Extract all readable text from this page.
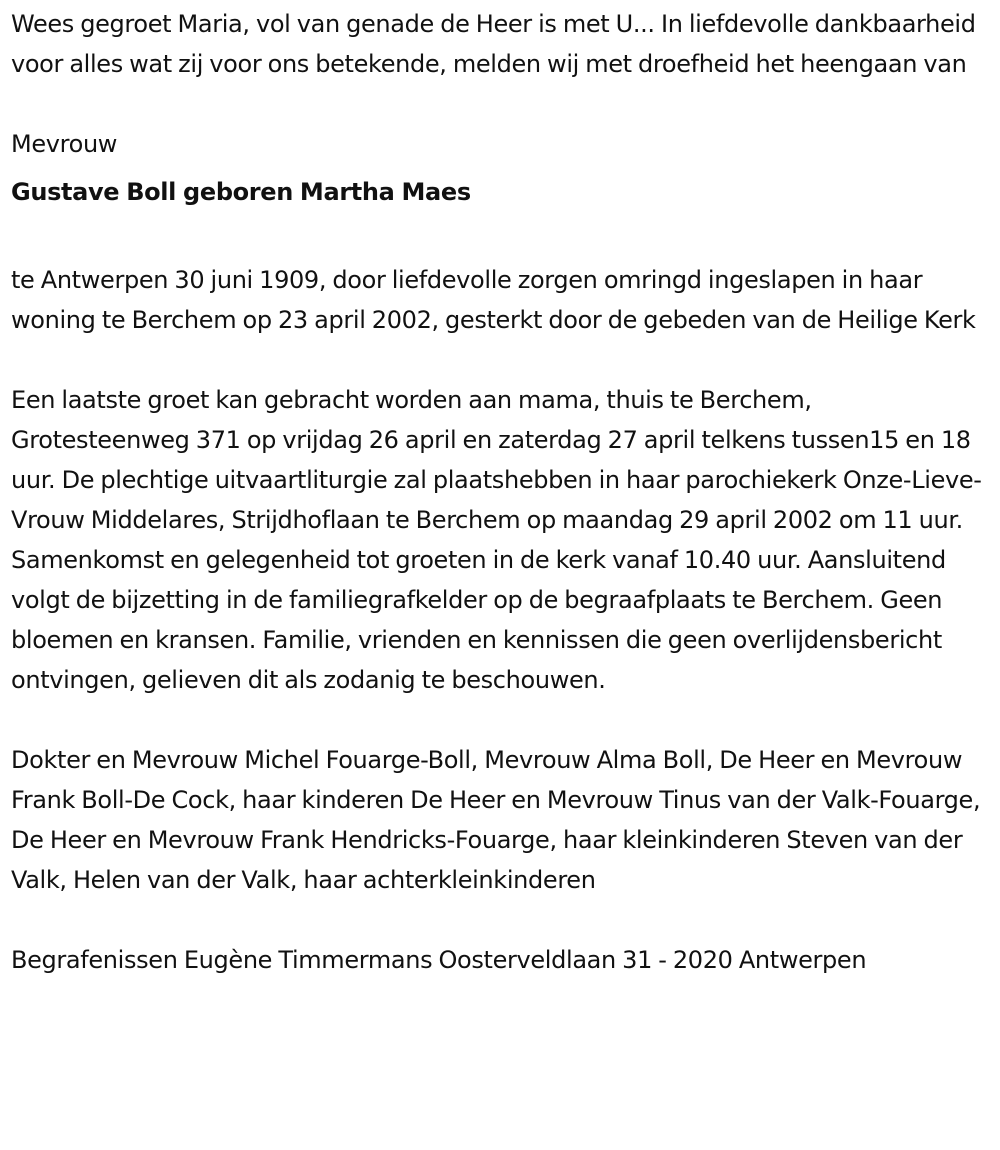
Wees gegroet Maria, vol van genade de Heer is met U... In liefdevolle dankbaarheid voor alles wat zij voor ons betekende, melden wij met droefheid het heengaan van

Mevrouw

Gustave Boll geboren Martha Maes

te Antwerpen 30 juni 1909, door liefdevolle zorgen omringd ingeslapen in haar woning te Berchem op 23 april 2002, gesterkt door de gebeden van de Heilige Kerk

Een laatste groet kan gebracht worden aan mama, thuis te Berchem, Grotesteenweg 371 op vrijdag 26 april en zaterdag 27 april telkens tussen15 en 18 uur. De plechtige uitvaartliturgie zal plaatshebben in haar parochiekerk Onze-Lieve-Vrouw Middelares, Strijdhoflaan te Berchem op maandag 29 april 2002 om 11 uur. Samenkomst en gelegenheid tot groeten in de kerk vanaf 10.40 uur. Aansluitend volgt de bijzetting in de familiegrafkelder op de begraafplaats te Berchem. Geen bloemen en kransen. Familie, vrienden en kennissen die geen overlijdensbericht ontvingen, gelieven dit als zodanig te beschouwen.

Dokter en Mevrouw Michel Fouarge-Boll, Mevrouw Alma Boll, De Heer en Mevrouw Frank Boll-De Cock, haar kinderen De Heer en Mevrouw Tinus van der Valk-Fouarge, De Heer en Mevrouw Frank Hendricks-Fouarge, haar kleinkinderen Steven van der Valk, Helen van der Valk, haar achterkleinkinderen

Begrafenissen Eugène Timmermans Oosterveldlaan 31 - 2020 Antwerpen
